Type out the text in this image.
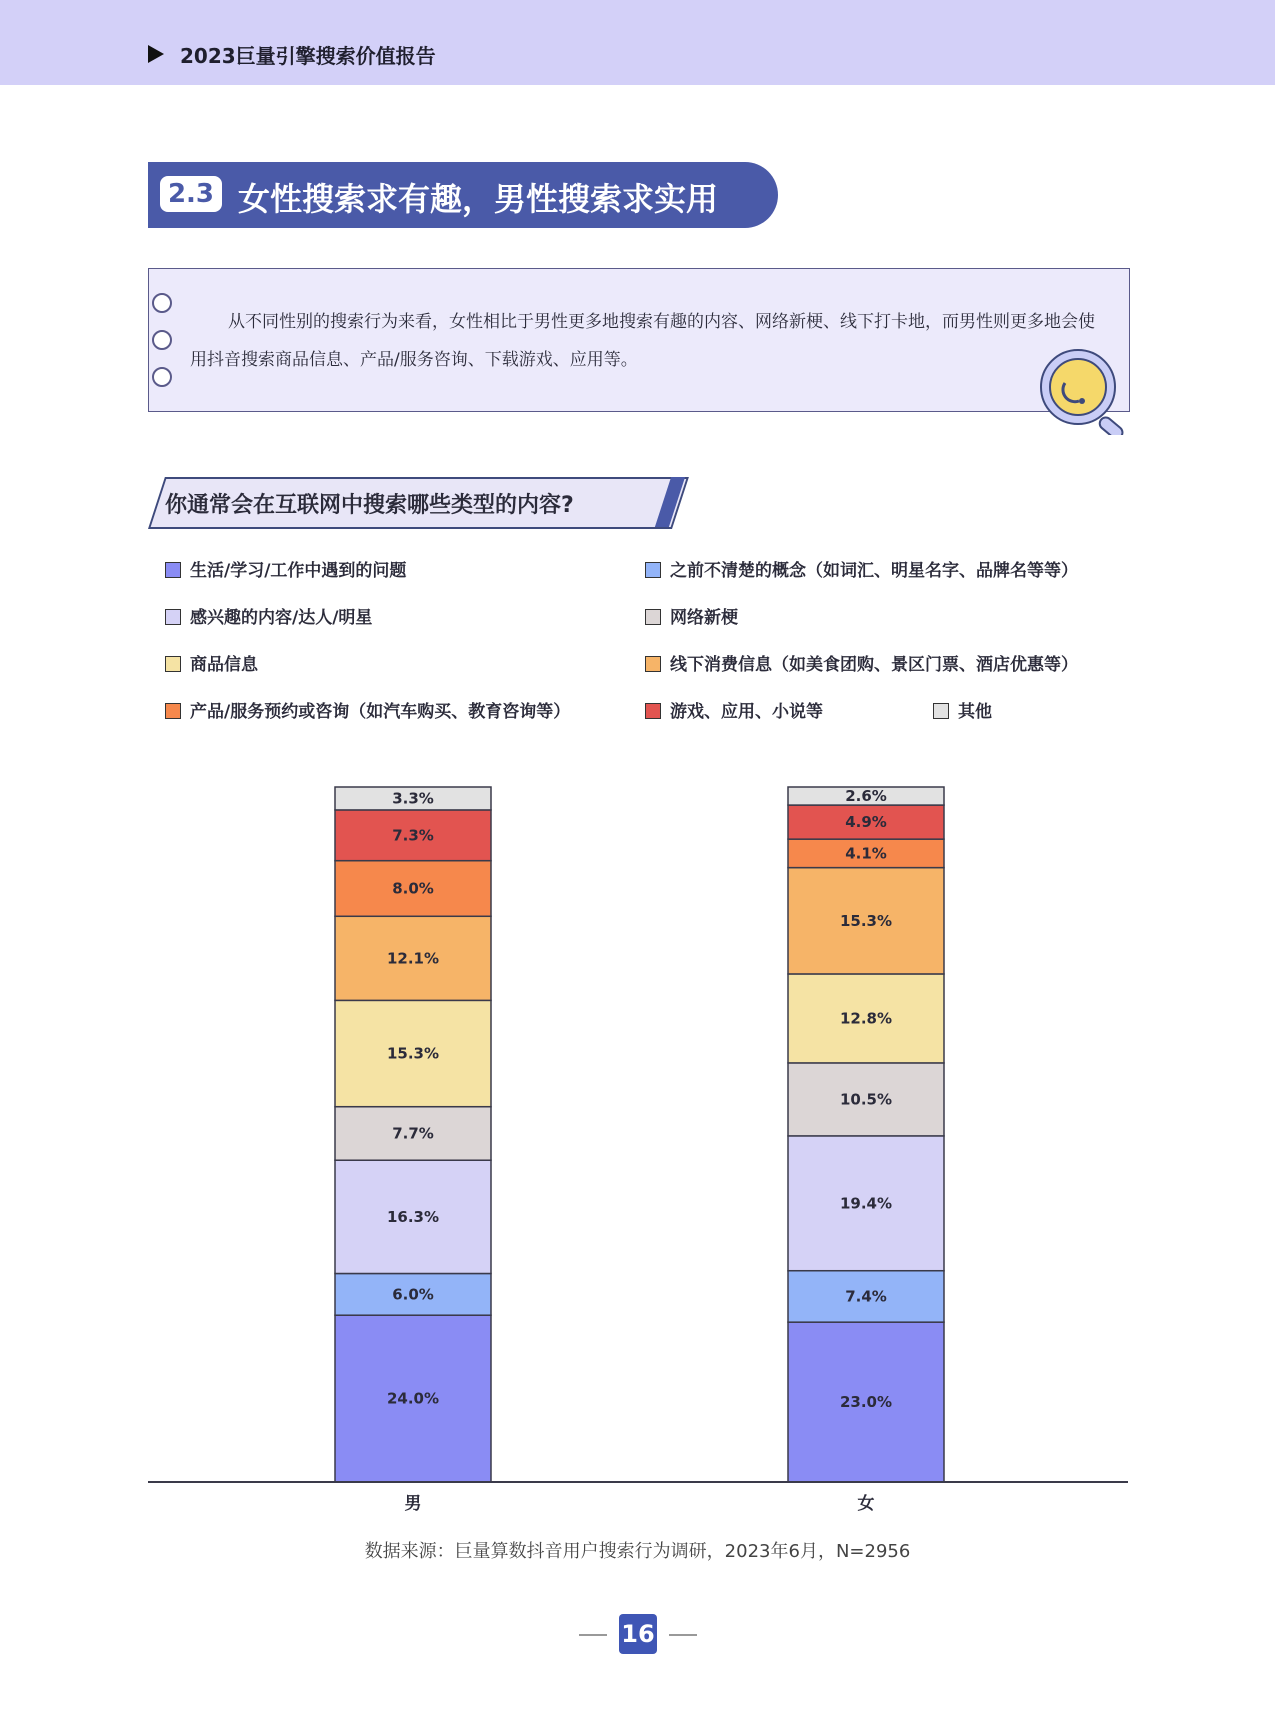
2023巨量引擎搜索价值报告
2.3 女性搜索求有趣，男性搜索求实用
从不同性别的搜索行为来看，女性相比于男性更多地搜索有趣的内容、网络新梗、线下打卡地，而男性则更多地会使用抖音搜索商品信息、产品/服务咨询、下载游戏、应用等。
你通常会在互联网中搜索哪些类型的内容?
生活/学习/工作中遇到的问题	之前不清楚的概念（如词汇、明星名字、品牌名等等）
感兴趣的内容/达人/明星	网络新梗
商品信息	线下消费信息（如美食团购、景区门票、酒店优惠等）
产品/服务预约或咨询（如汽车购买、教育咨询等）	游戏、应用、小说等	其他
24.0%
6.0%
16.3%
7.7%
15.3%
12.1%
8.0%
7.3%
3.3%
男
23.0%
7.4%
19.4%
10.5%
12.8%
15.3%
4.1%
4.9%
2.6%
女
数据来源：巨量算数抖音用户搜索行为调研，2023年6月，N=2956
16
